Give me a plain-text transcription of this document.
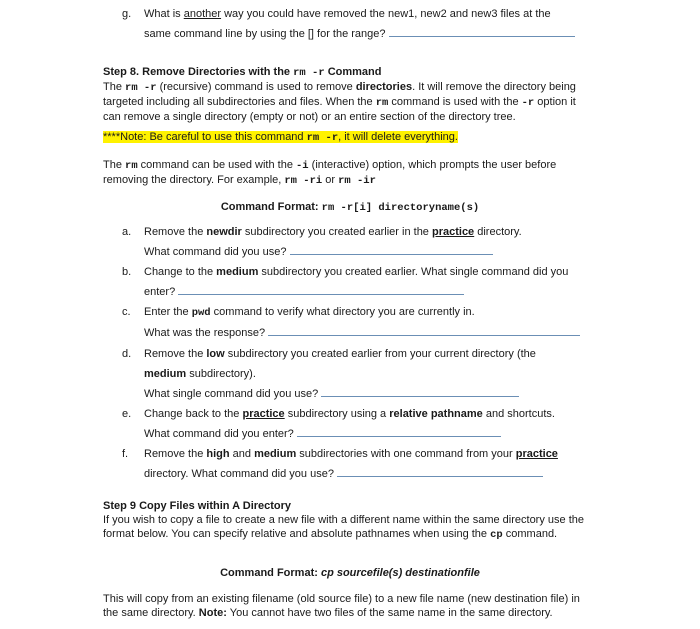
g.	What is another way you could have removed the new1, new2 and new3 files at the
same command line by using the [] for the range?
Step 8. Remove Directories with the rm -r Command
The rm -r (recursive) command is used to remove directories. It will remove the directory being targeted including all subdirectories and files. When the rm command is used with the -r option it can remove a single directory (empty or not) or an entire section of the directory tree.
****Note: Be careful to use this command rm -r, it will delete everything.
The rm command can be used with the -i (interactive) option, which prompts the user before removing the directory. For example, rm -ri or rm -ir
Command Format: rm -r[i] directoryname(s)
a.	Remove the newdir subdirectory you created earlier in the practice directory.
What command did you use?
b.	Change to the medium subdirectory you created earlier. What single command did you
enter?
c.	Enter the pwd command to verify what directory you are currently in.
What was the response?
d.	Remove the low subdirectory you created earlier from your current directory (the
medium subdirectory).
What single command did you use?
e.	Change back to the practice subdirectory using a relative pathname and shortcuts.
What command did you enter?
f.	Remove the high and medium subdirectories with one command from your practice
directory. What command did you use?
Step 9 Copy Files within A Directory
If you wish to copy a file to create a new file with a different name within the same directory use the format below. You can specify relative and absolute pathnames when using the cp command.
Command Format: cp sourcefile(s) destinationfile
This will copy from an existing filename (old source file) to a new file name (new destination file) in the same directory. Note: You cannot have two files of the same name in the same directory.
